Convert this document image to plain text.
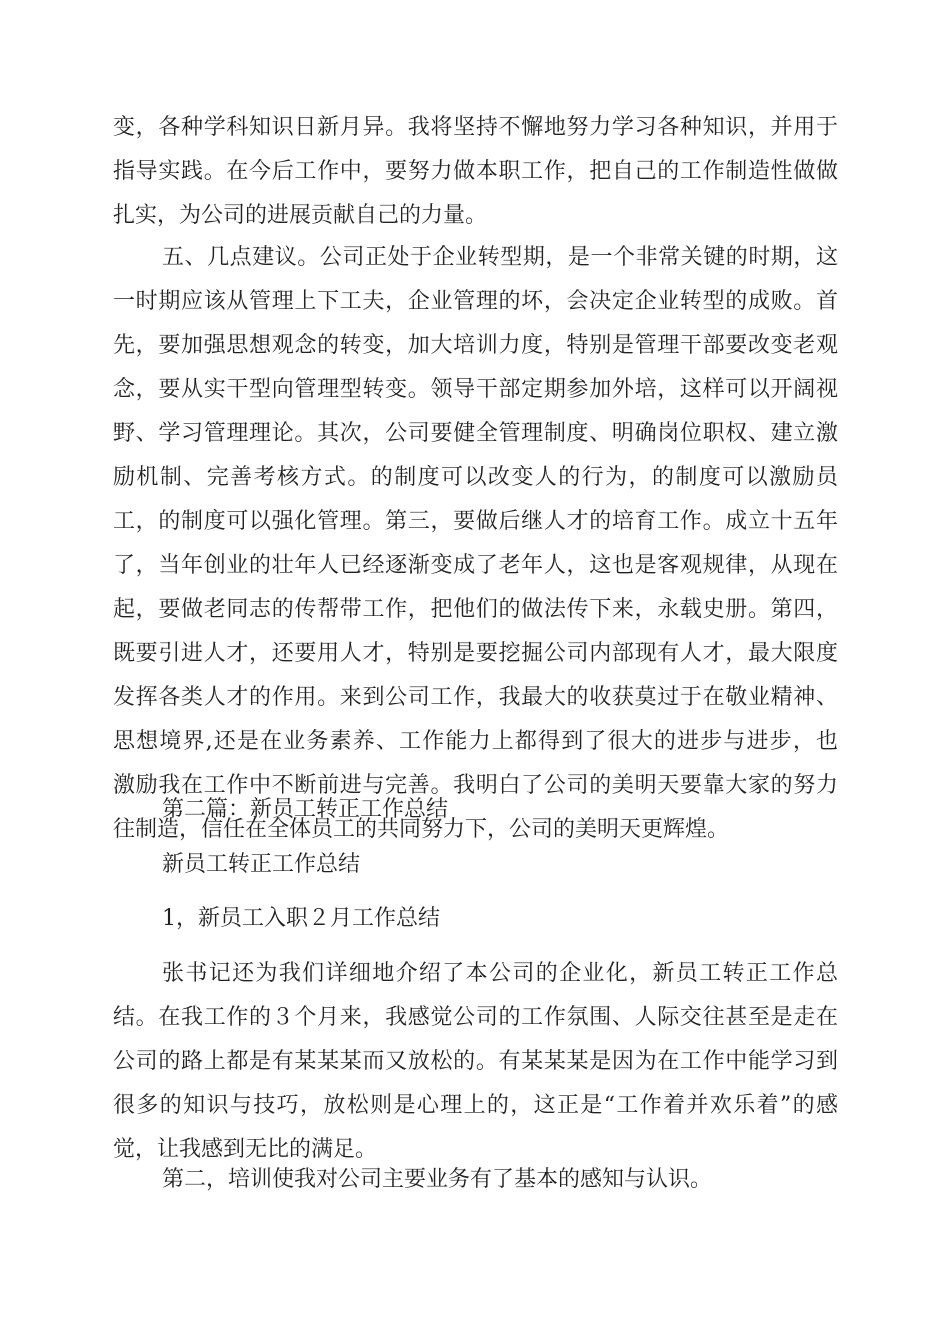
变，各种学科知识日新月异。我将坚持不懈地努力学习各种知识，并用于
指导实践。在今后工作中，要努力做本职工作，把自己的工作制造性做做
扎实，为公司的进展贡献自己的力量。
五、几点建议。公司正处于企业转型期，是一个非常关键的时期，这
一时期应该从管理上下工夫，企业管理的坏，会决定企业转型的成败。首
先，要加强思想观念的转变，加大培训力度，特别是管理干部要改变老观
念，要从实干型向管理型转变。领导干部定期参加外培，这样可以开阔视
野、学习管理理论。其次，公司要健全管理制度、明确岗位职权、建立激
励机制、完善考核方式。的制度可以改变人的行为，的制度可以激励员
工，的制度可以强化管理。第三，要做后继人才的培育工作。成立十五年
了，当年创业的壮年人已经逐渐变成了老年人，这也是客观规律，从现在
起，要做老同志的传帮带工作，把他们的做法传下来，永载史册。第四，
既要引进人才，还要用人才，特别是要挖掘公司内部现有人才，最大限度
发挥各类人才的作用。来到公司工作，我最大的收获莫过于在敬业精神、
思想境界,还是在业务素养、工作能力上都得到了很大的进步与进步，也
激励我在工作中不断前进与完善。我明白了公司的美明天要靠大家的努力
往制造，信任在全体员工的共同努力下，公司的美明天更辉煌。
第二篇：新员工转正工作总结
新员工转正工作总结
1，新员工入职２月工作总结
张书记还为我们详细地介绍了本公司的企业化，新员工转正工作总
结。在我工作的３个月来，我感觉公司的工作氛围、人际交往甚至是走在
公司的路上都是有某某某而又放松的。有某某某是因为在工作中能学习到
很多的知识与技巧，放松则是心理上的，这正是“工作着并欢乐着”的感
觉，让我感到无比的满足。
第二，培训使我对公司主要业务有了基本的感知与认识。
